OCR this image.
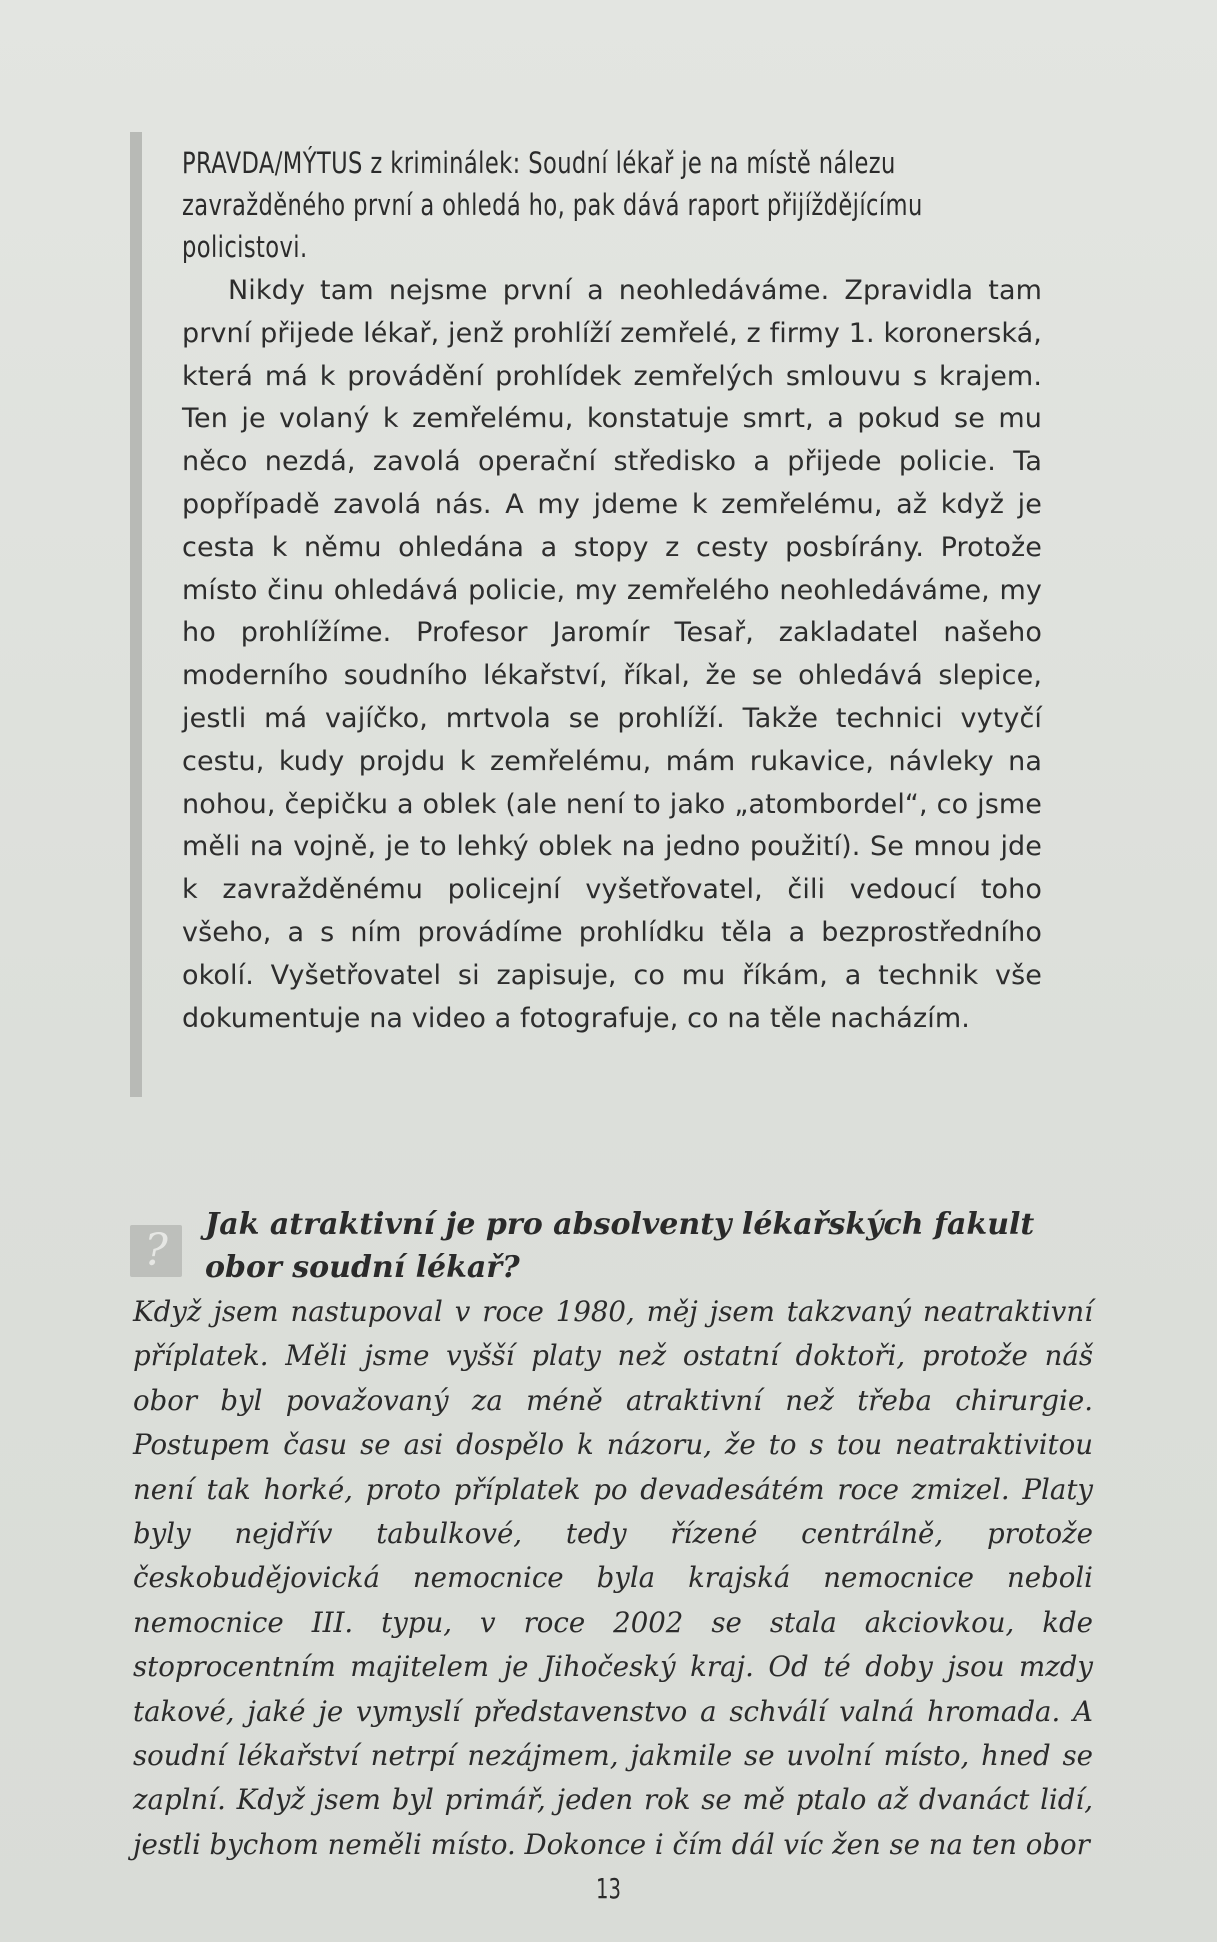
PRAVDA/MÝTUS z kriminálek: Soudní lékař je na místě nálezu zavražděného první a ohledá ho, pak dává raport přijíždějícímu policistovi.

Nikdy tam nejsme první a neohledáváme. Zpravidla tam první přijede lékař, jenž prohlíží zemřelé, z firmy 1. koronerská, která má k provádění prohlídek zemřelých smlouvu s krajem. Ten je volaný k zemřelému, konstatuje smrt, a pokud se mu něco nezdá, zavolá operační středisko a přijede policie. Ta popřípadě zavolá nás. A my jdeme k zemřelému, až když je cesta k němu ohledána a stopy z cesty posbírány. Protože místo činu ohledává policie, my zemřelého neohledáváme, my ho prohlížíme. Profesor Jaromír Tesař, zakladatel našeho moderního soudního lékařství, říkal, že se ohledává slepice, jestli má vajíčko, mrtvola se prohlíží. Takže technici vytyčí cestu, kudy projdu k zemřelému, mám rukavice, návleky na nohou, čepičku a oblek (ale není to jako „atombordel“, co jsme měli na vojně, je to lehký oblek na jedno použití). Se mnou jde k zavražděnému policejní vyšetřovatel, čili vedoucí toho všeho, a s ním provádíme prohlídku těla a bezprostředního okolí. Vyšetřovatel si zapisuje, co mu říkám, a technik vše dokumentuje na video a fotografuje, co na těle nacházím.

?
Jak atraktivní je pro absolventy lékařských fakult obor soudní lékař?

Když jsem nastupoval v roce 1980, měj jsem takzvaný neatraktivní příplatek. Měli jsme vyšší platy než ostatní doktoři, protože náš obor byl považovaný za méně atraktivní než třeba chirurgie. Postupem času se asi dospělo k názoru, že to s tou neatraktivitou není tak horké, proto příplatek po devadesátém roce zmizel. Platy byly nejdřív tabulkové, tedy řízené centrálně, protože českobudějovická nemocnice byla krajská nemocnice neboli nemocnice III. typu, v roce 2002 se stala akciovkou, kde stoprocentním majitelem je Jihočeský kraj. Od té doby jsou mzdy takové, jaké je vymyslí představenstvo a schválí valná hromada. A soudní lékařství netrpí nezájmem, jakmile se uvolní místo, hned se zaplní. Když jsem byl primář, jeden rok se mě ptalo až dvanáct lidí, jestli bychom neměli místo. Dokonce i čím dál víc žen se na ten obor

13
